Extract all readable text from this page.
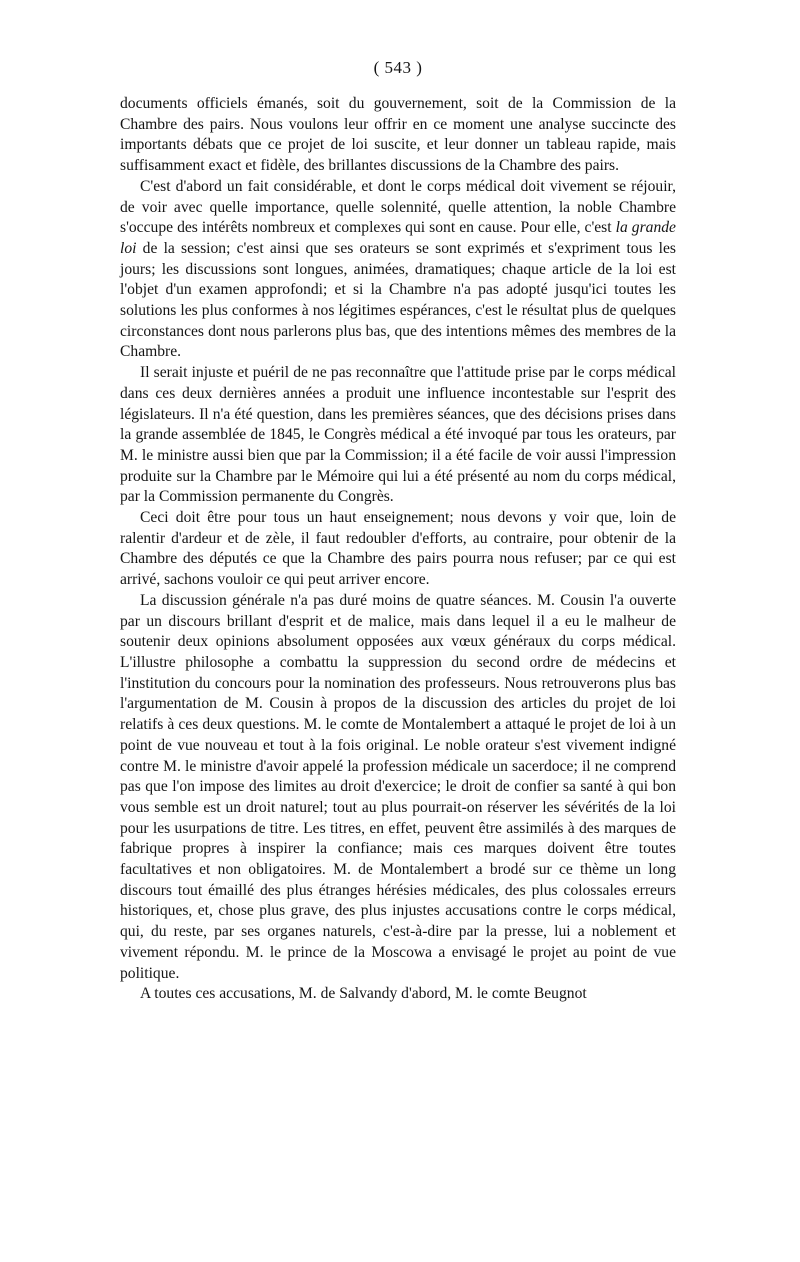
( 543 )

documents officiels émanés, soit du gouvernement, soit de la Commission de la Chambre des pairs. Nous voulons leur offrir en ce moment une analyse succincte des importants débats que ce projet de loi suscite, et leur donner un tableau rapide, mais suffisamment exact et fidèle, des brillantes discussions de la Chambre des pairs.

C'est d'abord un fait considérable, et dont le corps médical doit vivement se réjouir, de voir avec quelle importance, quelle solennité, quelle attention, la noble Chambre s'occupe des intérêts nombreux et complexes qui sont en cause. Pour elle, c'est la grande loi de la session; c'est ainsi que ses orateurs se sont exprimés et s'expriment tous les jours; les discussions sont longues, animées, dramatiques; chaque article de la loi est l'objet d'un examen approfondi; et si la Chambre n'a pas adopté jusqu'ici toutes les solutions les plus conformes à nos légitimes espérances, c'est le résultat plus de quelques circonstances dont nous parlerons plus bas, que des intentions mêmes des membres de la Chambre.

Il serait injuste et puéril de ne pas reconnaître que l'attitude prise par le corps médical dans ces deux dernières années a produit une influence incontestable sur l'esprit des législateurs. Il n'a été question, dans les premières séances, que des décisions prises dans la grande assemblée de 1845, le Congrès médical a été invoqué par tous les orateurs, par M. le ministre aussi bien que par la Commission; il a été facile de voir aussi l'impression produite sur la Chambre par le Mémoire qui lui a été présenté au nom du corps médical, par la Commission permanente du Congrès.

Ceci doit être pour tous un haut enseignement; nous devons y voir que, loin de ralentir d'ardeur et de zèle, il faut redoubler d'efforts, au contraire, pour obtenir de la Chambre des députés ce que la Chambre des pairs pourra nous refuser; par ce qui est arrivé, sachons vouloir ce qui peut arriver encore.

La discussion générale n'a pas duré moins de quatre séances. M. Cousin l'a ouverte par un discours brillant d'esprit et de malice, mais dans lequel il a eu le malheur de soutenir deux opinions absolument opposées aux vœux généraux du corps médical. L'illustre philosophe a combattu la suppression du second ordre de médecins et l'institution du concours pour la nomination des professeurs. Nous retrouverons plus bas l'argumentation de M. Cousin à propos de la discussion des articles du projet de loi relatifs à ces deux questions. M. le comte de Montalembert a attaqué le projet de loi à un point de vue nouveau et tout à la fois original. Le noble orateur s'est vivement indigné contre M. le ministre d'avoir appelé la profession médicale un sacerdoce; il ne comprend pas que l'on impose des limites au droit d'exercice; le droit de confier sa santé à qui bon vous semble est un droit naturel; tout au plus pourrait-on réserver les sévérités de la loi pour les usurpations de titre. Les titres, en effet, peuvent être assimilés à des marques de fabrique propres à inspirer la confiance; mais ces marques doivent être toutes facultatives et non obligatoires. M. de Montalembert a brodé sur ce thème un long discours tout émaillé des plus étranges hérésies médicales, des plus colossales erreurs historiques, et, chose plus grave, des plus injustes accusations contre le corps médical, qui, du reste, par ses organes naturels, c'est-à-dire par la presse, lui a noblement et vivement répondu. M. le prince de la Moscowa a envisagé le projet au point de vue politique.

A toutes ces accusations, M. de Salvandy d'abord, M. le comte Beugnot
